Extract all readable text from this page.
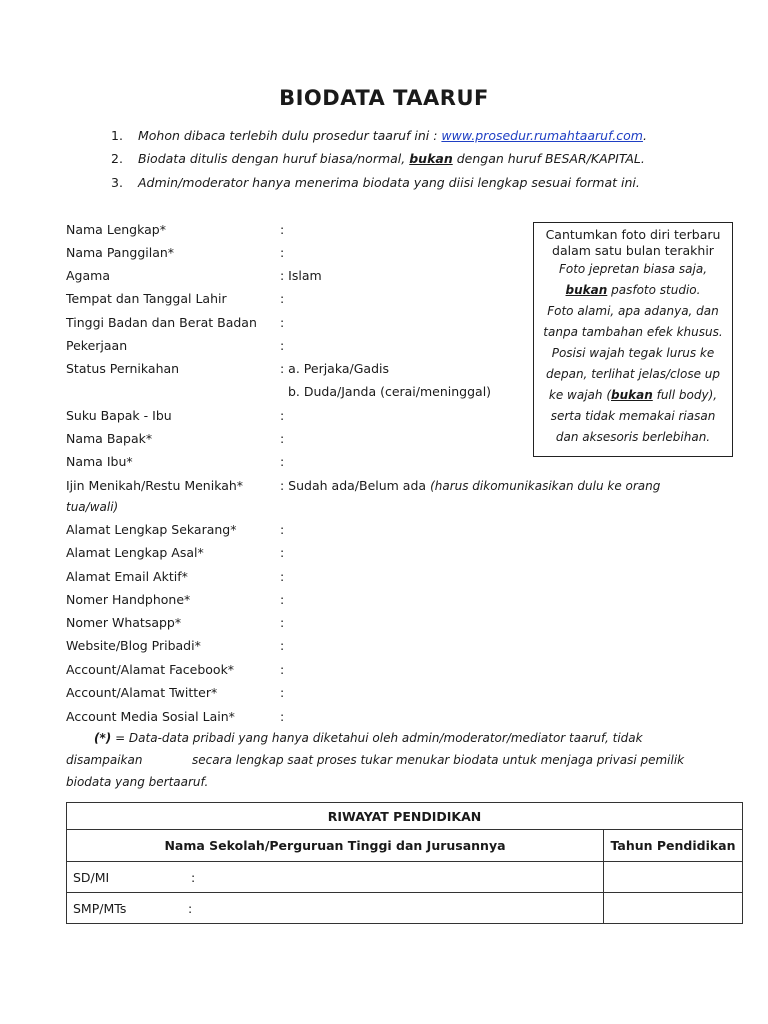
BIODATA TAARUF
1. Mohon dibaca terlebih dulu prosedur taaruf ini : www.prosedur.rumahtaaruf.com.
2. Biodata ditulis dengan huruf biasa/normal, bukan dengan huruf BESAR/KAPITAL.
3. Admin/moderator hanya menerima biodata yang diisi lengkap sesuai format ini.
Nama Lengkap*	:
Nama Panggilan*	:
Agama	: Islam
Tempat dan Tanggal Lahir	:
Tinggi Badan dan Berat Badan :
Pekerjaan	:
Status Pernikahan	: a. Perjaka/Gadis
b. Duda/Janda (cerai/meninggal)
Suku Bapak - Ibu	:
Nama Bapak*	:
Nama Ibu*	:
Ijin Menikah/Restu Menikah*	: Sudah ada/Belum ada (harus dikomunikasikan dulu ke orang
tua/wali)
Alamat Lengkap Sekarang*	:
Alamat Lengkap Asal*	:
Alamat Email Aktif*	:
Nomer Handphone*	:
Nomer Whatsapp*	:
Website/Blog Pribadi*	:
Account/Alamat Facebook*	:
Account/Alamat Twitter*	:
Account Media Sosial Lain*	:
Cantumkan foto diri terbaru
dalam satu bulan terakhir
Foto jepretan biasa saja,
bukan pasfoto studio.
Foto alami, apa adanya, dan
tanpa tambahan efek khusus.
Posisi wajah tegak lurus ke
depan, terlihat jelas/close up
ke wajah (bukan full body),
serta tidak memakai riasan
dan aksesoris berlebihan.
(*) = Data-data pribadi yang hanya diketahui oleh admin/moderator/mediator taaruf, tidak
disampaikan             secara lengkap saat proses tukar menukar biodata untuk menjaga privasi pemilik
biodata yang bertaaruf.
RIWAYAT PENDIDIKAN	
Nama Sekolah/Perguruan Tinggi dan Jurusannya	Tahun Pendidikan
SD/MI :	
SMP/MTs :	
